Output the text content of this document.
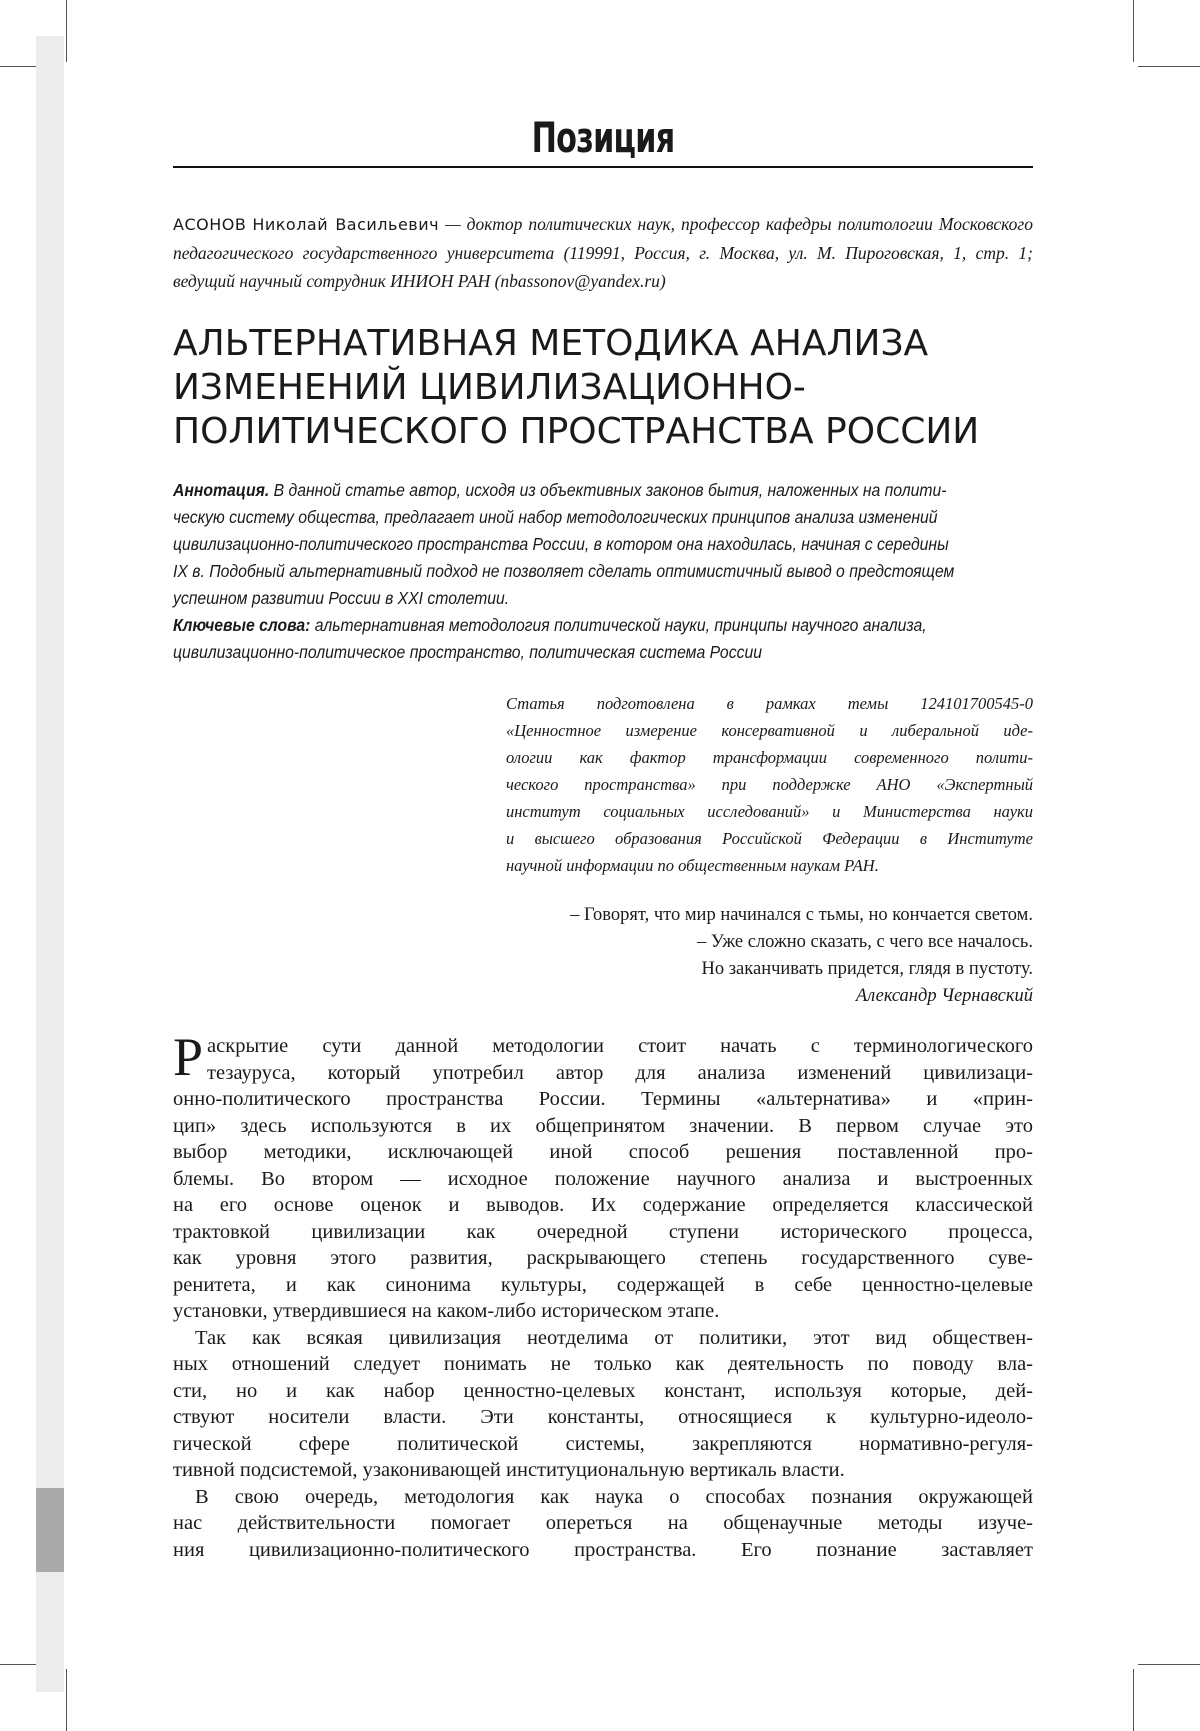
Позиция
АСОНОВ Николай Васильевич — доктор политических наук, профессор кафедры политологии Московского педагогического государственного университета (119991, Россия, г. Москва, ул. М. Пироговская, 1, стр. 1; ведущий научный сотрудник ИНИОН РАН (nbassonov@yandex.ru)
АЛЬТЕРНАТИВНАЯ МЕТОДИКА АНАЛИЗА
ИЗМЕНЕНИЙ ЦИВИЛИЗАЦИОННО-
ПОЛИТИЧЕСКОГО ПРОСТРАНСТВА РОССИИ
Аннотация. В данной статье автор, исходя из объективных законов бытия, наложенных на полити-
ческую систему общества, предлагает иной набор методологических принципов анализа изменений
цивилизационно-политического пространства России, в котором она находилась, начиная с середины
IX в. Подобный альтернативный подход не позволяет сделать оптимистичный вывод о предстоящем
успешном развитии России в XXI столетии.
Ключевые слова: альтернативная методология политической науки, принципы научного анализа,
цивилизационно-политическое пространство, политическая система России
Статья подготовлена в рамках темы 124101700545-0
«Ценностное измерение консервативной и либеральной иде-
ологии как фактор трансформации современного полити-
ческого пространства» при поддержке АНО «Экспертный
институт социальных исследований» и Министерства науки
и высшего образования Российской Федерации в Институте
научной информации по общественным наукам РАН.
– Говорят, что мир начинался с тьмы, но кончается светом.
– Уже сложно сказать, с чего все началось.
Но заканчивать придется, глядя в пустоту.
Александр Чернавский
Р аскрытие сути данной методологии стоит начать с терминологического
тезауруса, который употребил автор для анализа изменений цивилизаци-
онно-политического пространства России. Термины «альтернатива» и «прин-
цип» здесь используются в их общепринятом значении. В первом случае это
выбор методики, исключающей иной способ решения поставленной про-
блемы. Во втором — исходное положение научного анализа и выстроенных
на его основе оценок и выводов. Их содержание определяется классической
трактовкой цивилизации как очередной ступени исторического процесса,
как уровня этого развития, раскрывающего степень государственного суве-
ренитета, и как синонима культуры, содержащей в себе ценностно-целевые
установки, утвердившиеся на каком-либо историческом этапе.
Так как всякая цивилизация неотделима от политики, этот вид обществен-
ных отношений следует понимать не только как деятельность по поводу вла-
сти, но и как набор ценностно-целевых констант, используя которые, дей-
ствуют носители власти. Эти константы, относящиеся к культурно-идеоло-
гической сфере политической системы, закрепляются нормативно-регуля-
тивной подсистемой, узаконивающей институциональную вертикаль власти.
В свою очередь, методология как наука о способах познания окружающей
нас действительности помогает опереться на общенаучные методы изуче-
ния цивилизационно-политического пространства. Его познание заставляет
